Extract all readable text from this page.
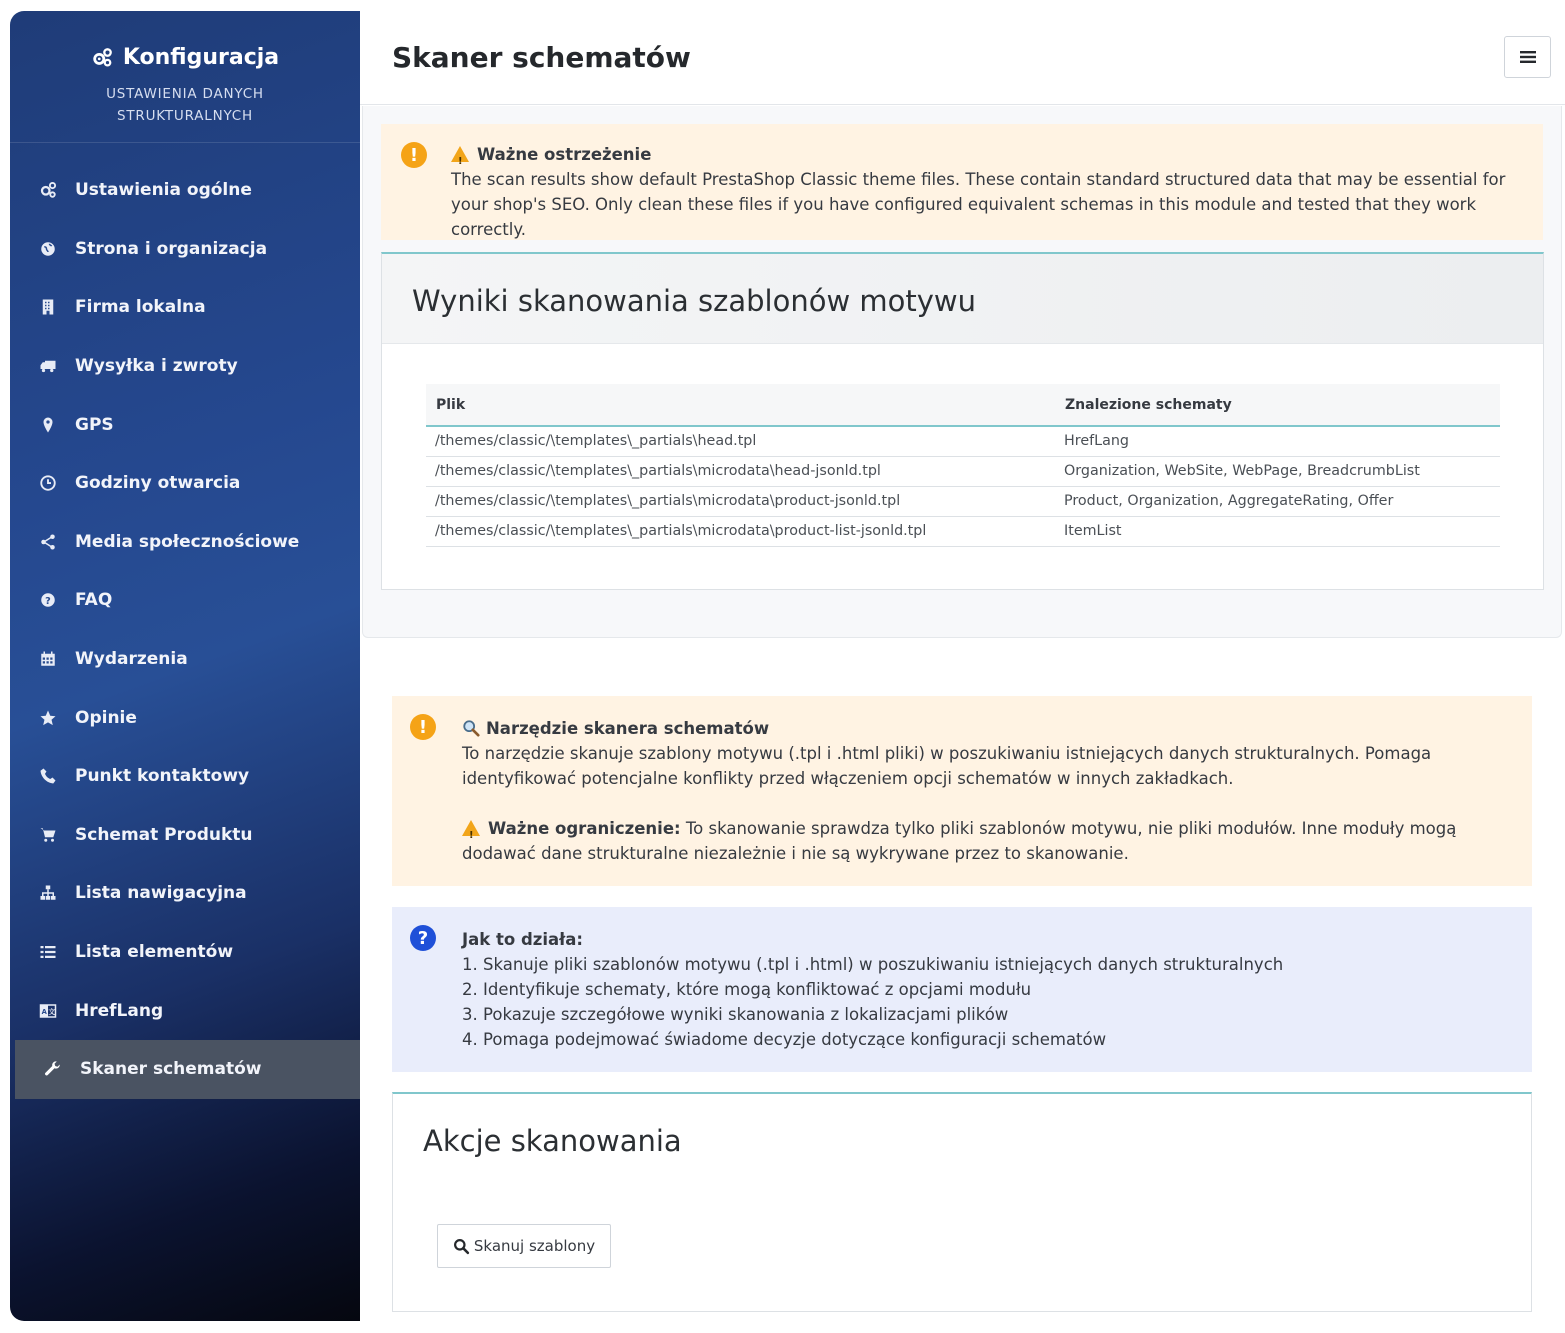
Konfiguracja
USTAWIENIA DANYCH STRUKTURALNYCH
Ustawienia ogólne
Strona i organizacja
Firma lokalna
Wysyłka i zwroty
GPS
Godziny otwarcia
Media społecznościowe
? FAQ
Wydarzenia
Opinie
Punkt kontaktowy
Schemat Produktu
Lista nawigacyjna
Lista elementów
A 文 HrefLang
Skaner schematów
Skaner schematów
! !	Ważne ostrzeżenie
The scan results show default PrestaShop Classic theme files. These contain standard structured data that may be essential for your shop's SEO. Only clean these files if you have configured equivalent schemas in this module and tested that they work correctly.
Wyniki skanowania szablonów motywu
Plik	Znalezione schematy
/themes/classic/\templates\_partials\head.tpl	HrefLang
/themes/classic/\templates\_partials\microdata\head-jsonld.tpl	Organization, WebSite, WebPage, BreadcrumbList
/themes/classic/\templates\_partials\microdata\product-jsonld.tpl	Product, Organization, AggregateRating, Offer
/themes/classic/\templates\_partials\microdata\product-list-jsonld.tpl	ItemList
!	Narzędzie skanera schematów
To narzędzie skanuje szablony motywu (.tpl i .html pliki) w poszukiwaniu istniejących danych strukturalnych. Pomaga identyfikować potencjalne konflikty przed włączeniem opcji schematów w innych zakładkach.
!Ważne ograniczenie: To skanowanie sprawdza tylko pliki szablonów motywu, nie pliki modułów. Inne moduły mogą dodawać dane strukturalne niezależnie i nie są wykrywane przez to skanowanie.
?	Jak to działa:
1. Skanuje pliki szablonów motywu (.tpl i .html) w poszukiwaniu istniejących danych strukturalnych
2. Identyfikuje schematy, które mogą konfliktować z opcjami modułu
3. Pokazuje szczegółowe wyniki skanowania z lokalizacjami plików
4. Pomaga podejmować świadome decyzje dotyczące konfiguracji schematów
Akcje skanowania
Skanuj szablony
